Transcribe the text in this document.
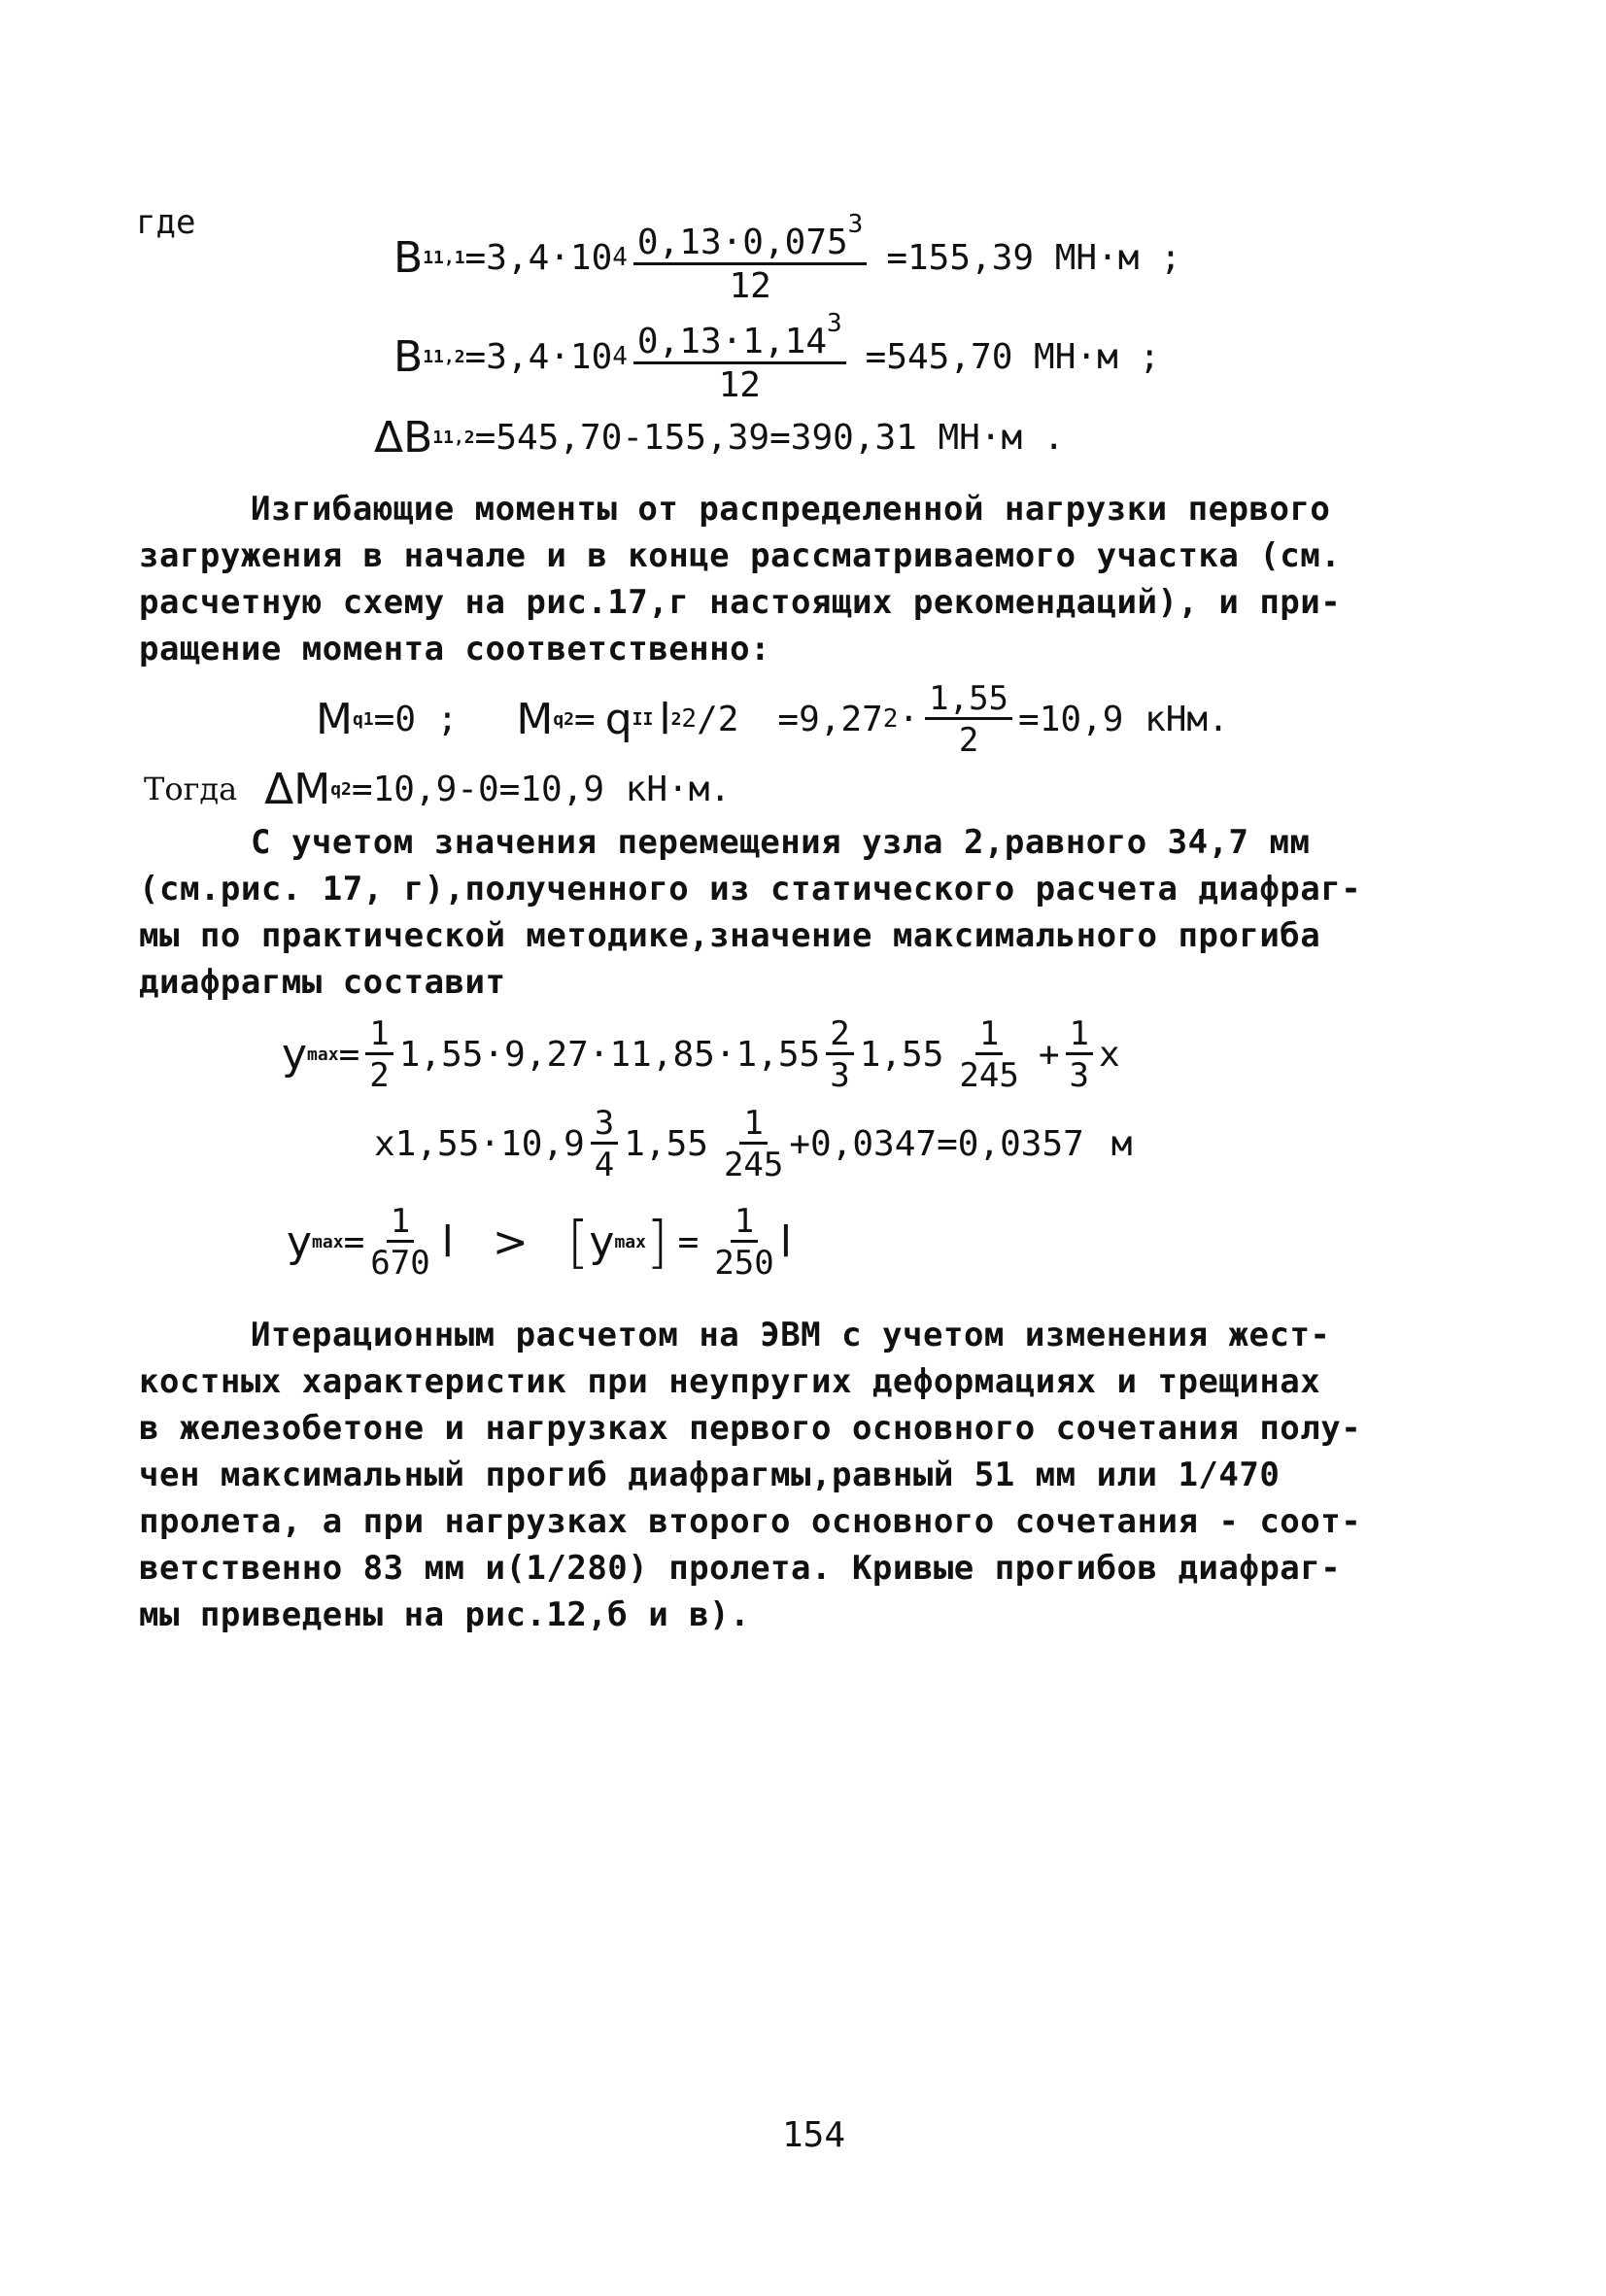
где
B 11,1 =3,4·10 $4 \frac{0,13\cdot 0,075^3}{12} =155,39$ МН·м ;
B 11,2 =3,4·10 $4 \frac{0,13\cdot 1,14^3}{12} =545,70$ МН·м ;
ΔB 11,2 =545,70-155,39=390,31 МН·м .
Изгибающие моменты от распределенной нагрузки первого
загружения в начале и в конце рассматриваемого участка (см.
расчетную схему на рис.17,г настоящих рекомендаций), и при-
ращение момента соответственно:
M q1 =0 ; M q2 = q II l 2 2 /2 =9,27 $2 \cdot \frac{1,55}{2} =10,9$ кНм.
Тогда ΔM q2 =10,9-0=10,9 кН·м.
С учетом значения перемещения узла 2,равного 34,7 мм
(см.рис. 17, г),полученного из статического расчета диафраг-
мы по практической методике,значение максимального прогиба
диафрагмы составит
y $\max = \frac{1}{2} 1,55\cdot 9,27\cdot 11,85\cdot 1,55 \frac{2}{3} 1,55 \frac{1}{245} + \frac{1}{3}$ x
$x1,55\cdot 10,9 \frac{3}{4} 1,55 \frac{1}{245} +0,0347=0,0357$ м
y $\max = \frac{1}{670}$ l > [ y max ] = $\frac{1}{250}$ l
Итерационным расчетом на ЭВМ с учетом изменения жест-
костных характеристик при неупругих деформациях и трещинах
в железобетоне и нагрузках первого основного сочетания полу-
чен максимальный прогиб диафрагмы,равный 51 мм или 1/470
пролета, а при нагрузках второго основного сочетания - соот-
ветственно 83 мм и(1/280) пролета. Кривые прогибов диафраг-
мы приведены на рис.12,б и в).
154
